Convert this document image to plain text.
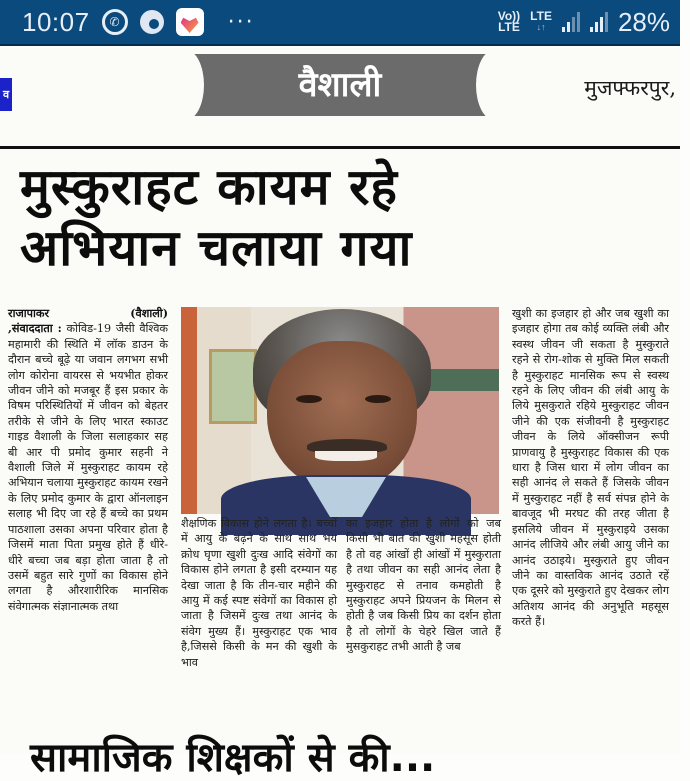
10:07	✆	···	Vo))
LTE
LTE
↓↑	28%
व	वैशाली	मुजफ्फरपुर,
मुस्कुराहट कायम रहे
अभियान चलाया गया
राजापाकर	(वैशाली)
,संवाददाता : कोविड-19 जैसी वैश्विक महामारी की स्थिति में लॉक डाउन के दौरान बच्चे बूढ़े या जवान लगभग सभी लोग कोरोना वायरस से भयभीत होकर जीवन जीने को मजबूर हैं इस प्रकार के विषम परिस्थितियों में जीवन को बेहतर तरीके से जीने के लिए भारत स्काउट गाइड वैशाली के जिला सलाहकार सह बी आर पी प्रमोद कुमार सहनी ने वैशाली जिले में मुस्कुराहट कायम रहे अभियान चलाया मुस्कुराहट कायम रखने के लिए प्रमोद कुमार के द्वारा ऑनलाइन सलाह भी दिए जा रहे हैं बच्चे का प्रथम पाठशाला उसका अपना परिवार होता है जिसमें माता पिता प्रमुख होते हैं धीरे-धीरे बच्चा जब बड़ा होता जाता है तो उसमें बहुत सारे गुणों का विकास होने लगता है औरशारीरिक मानसिक संवेगात्मक संज्ञानात्मक तथा
शैक्षणिक विकास होने लगता है। बच्चों में आयु के बढ़ने के साथ साथ भय क्रोध घृणा खुशी दुःख आदि संवेगों का विकास होने लगता है इसी दरम्यान यह देखा जाता है कि तीन-चार महीने की आयु में कई स्पष्ट संवेगों का विकास हो जाता है जिसमें दुःख तथा आनंद के संवेग मुख्य हैं। मुस्कुराहट एक भाव है,जिससे किसी के मन की खुशी के भाव
का इजहार होता है लोगों को जब किसी भी बात की खुशी महसूस होती है तो वह आंखों ही आंखों में मुस्कुराता है तथा जीवन का सही आनंद लेता है मुस्कुराहट से तनाव कमहोती है मुस्कुराहट अपने प्रियजन के मिलन से होती है जब किसी प्रिय का दर्शन होता है तो लोगों के चेहरे खिल जाते हैं मुसकुराहट तभी आती है जब
खुशी का इजहार हो और जब खुशी का इजहार होगा तब कोई व्यक्ति लंबी और स्वस्थ जीवन जी सकता है मुस्कुराते रहने से रोग-शोक से मुक्ति मिल सकती है मुस्कुराहट मानसिक रूप से स्वस्थ रहने के लिए जीवन की लंबी आयु के लिये मुसकुराते रहिये मुस्कुराहट जीवन जीने की एक संजीवनी है मुस्कुराहट जीवन के लिये ऑक्सीजन रूपी प्राणवायु है मुस्कुराहट विकास की एक धारा है जिस धारा में लोग जीवन का सही आनंद ले सकते हैं जिसके जीवन में मुस्कुराहट नहीं है सर्व संपन्न होने के बावजूद भी मरघट की तरह जीता है इसलिये जीवन में मुस्कुराइये उसका आनंद लीजिये और लंबी आयु जीने का आनंद उठाइये। मुस्कुराते हुए जीवन जीने का वास्तविक आनंद उठाते रहें एक दूसरे को मुस्कुराते हुए देखकर लोग अतिशय आनंद की अनुभूति महसूस करते हैं।
सामाजिक शिक्षकों से की...
